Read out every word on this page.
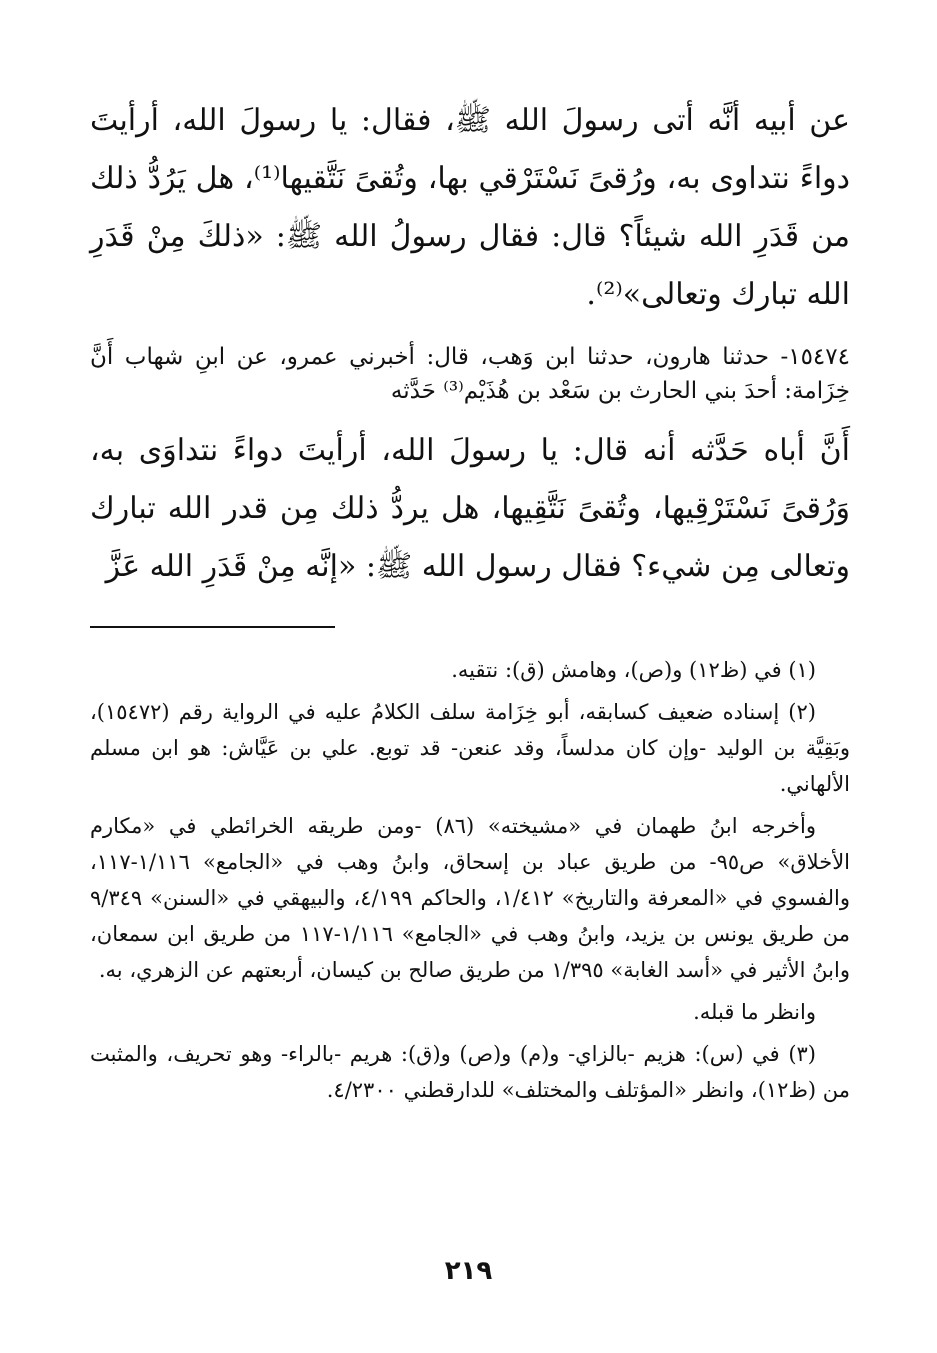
عن أبيه أنَّه أتى رسولَ الله ﷺ، فقال: يا رسولَ الله، أرأيتَ دواءً نتداوى به، ورُقىً نَسْتَرْقي بها، وتُقىً نَتَّقيها⁽¹⁾، هل يَرُدُّ ذلك من قَدَرِ الله شيئاً؟ قال: فقال رسولُ الله ﷺ: «ذلكَ مِنْ قَدَرِ الله تبارك وتعالى»⁽²⁾.

١٥٤٧٤- حدثنا هارون، حدثنا ابن وَهب، قال: أخبرني عمرو، عن ابنِ شهاب أَنَّ خِزَامة: أحدَ بني الحارث بن سَعْد بن هُذَيْم⁽³⁾ حَدَّثه

أَنَّ أباه حَدَّثه أنه قال: يا رسولَ الله، أرأيتَ دواءً نتداوَى به، وَرُقىً نَسْتَرْقِيها، وتُقىً نَتَّقِيها، هل يردُّ ذلك مِن قدر الله تبارك وتعالى مِن شيء؟ فقال رسول الله ﷺ: «إنَّه مِنْ قَدَرِ الله عَزَّ

(١) في (ظ١٢) و(ص)، وهامش (ق): نتقيه.

(٢) إسناده ضعيف كسابقه، أبو خِزَامة سلف الكلامُ عليه في الرواية رقم (١٥٤٧٢)، وبَقِيَّة بن الوليد -وإن كان مدلساً، وقد عنعن- قد توبع. علي بن عَيَّاش: هو ابن مسلم الألهاني.

وأخرجه ابنُ طهمان في «مشيخته» (٨٦) -ومن طريقه الخرائطي في «مكارم الأخلاق» ص٩٥- من طريق عباد بن إسحاق، وابنُ وهب في «الجامع» ١/١١٦-١١٧، والفسوي في «المعرفة والتاريخ» ١/٤١٢، والحاكم ٤/١٩٩، والبيهقي في «السنن» ٩/٣٤٩ من طريق يونس بن يزيد، وابنُ وهب في «الجامع» ١/١١٦-١١٧ من طريق ابن سمعان، وابنُ الأثير في «أسد الغابة» ١/٣٩٥ من طريق صالح بن كيسان، أربعتهم عن الزهري، به.

وانظر ما قبله.

(٣) في (س): هزيم -بالزاي- و(م) و(ص) و(ق): هريم -بالراء- وهو تحريف، والمثبت من (ظ١٢)، وانظر «المؤتلف والمختلف» للدارقطني ٤/٢٣٠٠.

٢١٩
